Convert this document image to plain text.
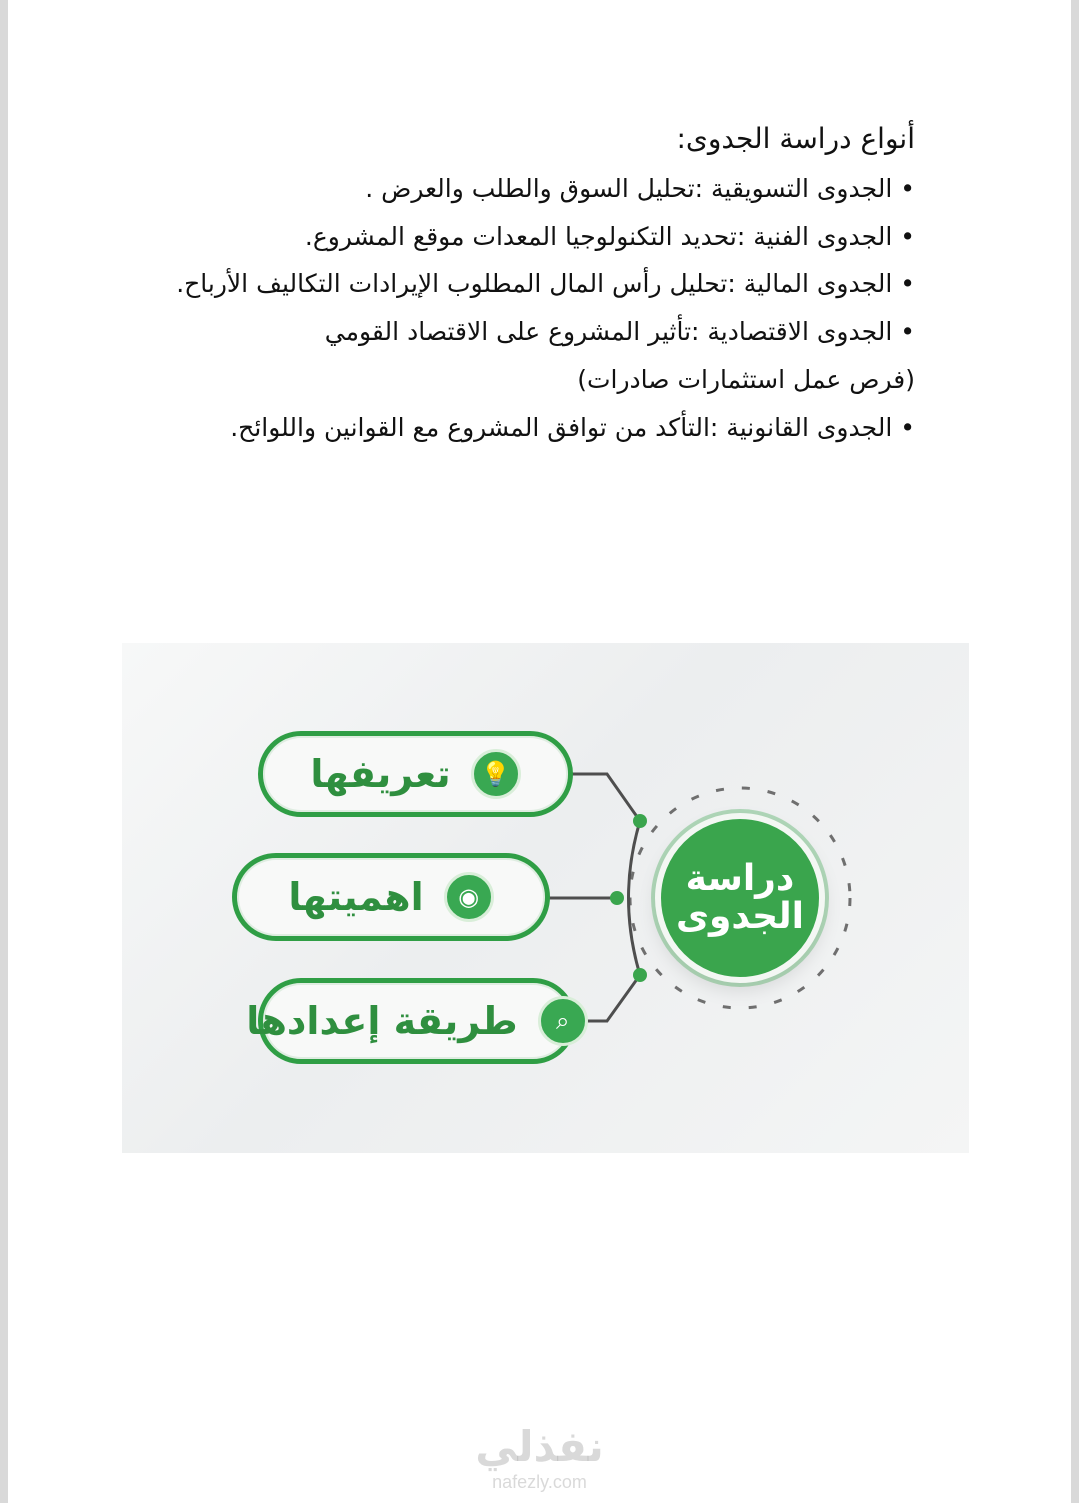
أنواع دراسة الجدوى:

• الجدوى التسويقية :تحليل السوق والطلب والعرض .

• الجدوى الفنية :تحديد التكنولوجيا المعدات موقع المشروع.

• الجدوى المالية :تحليل رأس المال المطلوب الإيرادات التكاليف الأرباح.

• الجدوى الاقتصادية :تأثير المشروع على الاقتصاد القومي

(فرص عمل استثمارات صادرات)

• الجدوى القانونية :التأكد من توافق المشروع مع القوانين واللوائح.

💡
تعريفها
◉
اهميتها
⌕
طريقة إعدادها
دراسة
الجدوى
نفذلي
nafezly.com
